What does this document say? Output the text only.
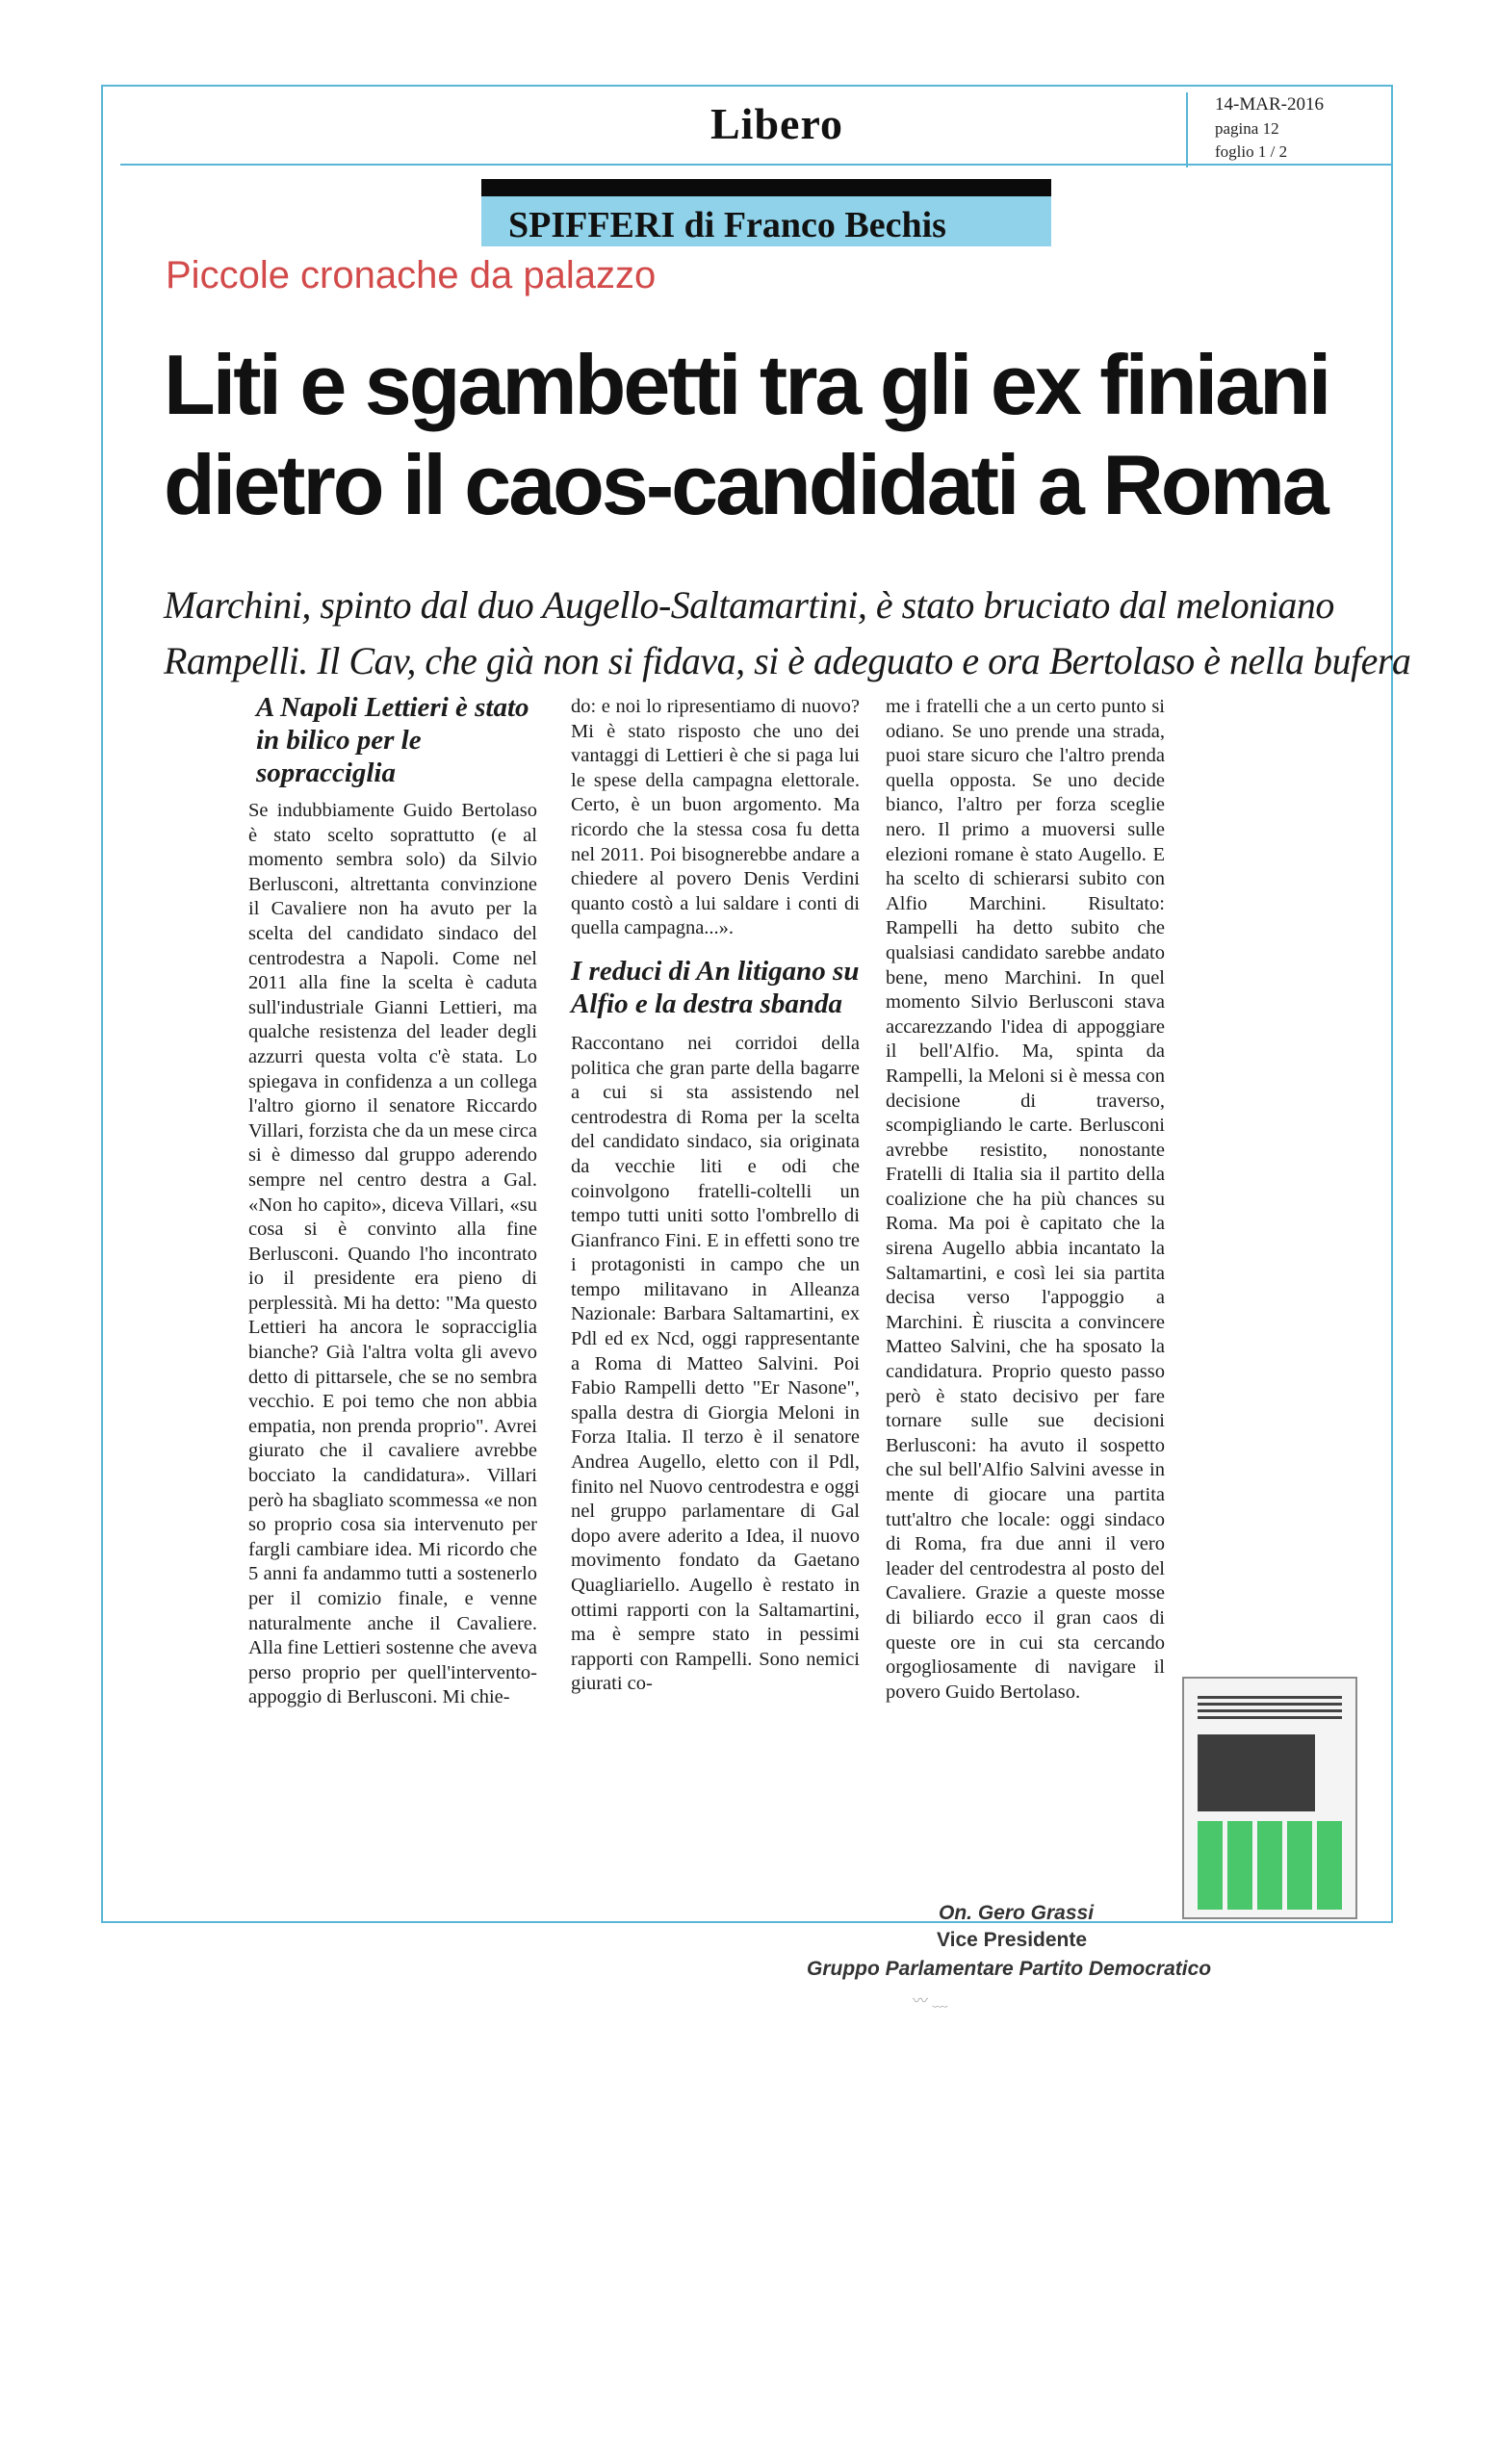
Libero	14-MAR-2016
pagina 12
foglio 1 / 2
SPIFFERI di Franco Bechis
Piccole cronache da palazzo
Liti e sgambetti tra gli ex finiani
dietro il caos-candidati a Roma
Marchini, spinto dal duo Augello-Saltamartini, è stato bruciato dal meloniano
Rampelli. Il Cav, che già non si fidava, si è adeguato e ora Bertolaso è nella bufera
A Napoli Lettieri è stato in bilico per le sopracciglia

Se indubbiamente Guido Bertolaso è stato scelto soprattutto (e al momento sembra solo) da Silvio Berlusconi, altrettanta convinzione il Cavaliere non ha avuto per la scelta del candidato sindaco del centrodestra a Napoli. Come nel 2011 alla fine la scelta è caduta sull'industriale Gianni Lettieri, ma qualche resistenza del leader degli azzurri questa volta c'è stata. Lo spiegava in confidenza a un collega l'altro giorno il senatore Riccardo Villari, forzista che da un mese circa si è dimesso dal gruppo aderendo sempre nel centro destra a Gal. «Non ho capito», diceva Villari, «su cosa si è convinto alla fine Berlusconi. Quando l'ho incontrato io il presidente era pieno di perplessità. Mi ha detto: "Ma questo Lettieri ha ancora le sopracciglia bianche? Già l'altra volta gli avevo detto di pittarsele, che se no sembra vecchio. E poi temo che non abbia empatia, non prenda proprio". Avrei giurato che il cavaliere avrebbe bocciato la candidatura». Villari però ha sbagliato scommessa «e non so proprio cosa sia intervenuto per fargli cambiare idea. Mi ricordo che 5 anni fa andammo tutti a sostenerlo per il comizio finale, e venne naturalmente anche il Cavaliere. Alla fine Lettieri sostenne che aveva perso proprio per quell'intervento-appoggio di Berlusconi. Mi chie-

do: e noi lo ripresentiamo di nuovo? Mi è stato risposto che uno dei vantaggi di Lettieri è che si paga lui le spese della campagna elettorale. Certo, è un buon argomento. Ma ricordo che la stessa cosa fu detta nel 2011. Poi bisognerebbe andare a chiedere al povero Denis Verdini quanto costò a lui saldare i conti di quella campagna...».

I reduci di An litigano su Alfio e la destra sbanda

Raccontano nei corridoi della politica che gran parte della bagarre a cui si sta assistendo nel centrodestra di Roma per la scelta del candidato sindaco, sia originata da vecchie liti e odi che coinvolgono fratelli-coltelli un tempo tutti uniti sotto l'ombrello di Gianfranco Fini. E in effetti sono tre i protagonisti in campo che un tempo militavano in Alleanza Nazionale: Barbara Saltamartini, ex Pdl ed ex Ncd, oggi rappresentante a Roma di Matteo Salvini. Poi Fabio Rampelli detto "Er Nasone", spalla destra di Giorgia Meloni in Forza Italia. Il terzo è il senatore Andrea Augello, eletto con il Pdl, finito nel Nuovo centrodestra e oggi nel gruppo parlamentare di Gal dopo avere aderito a Idea, il nuovo movimento fondato da Gaetano Quagliariello. Augello è restato in ottimi rapporti con la Saltamartini, ma è sempre stato in pessimi rapporti con Rampelli. Sono nemici giurati co-

me i fratelli che a un certo punto si odiano. Se uno prende una strada, puoi stare sicuro che l'altro prenda quella opposta. Se uno decide bianco, l'altro per forza sceglie nero. Il primo a muoversi sulle elezioni romane è stato Augello. E ha scelto di schierarsi subito con Alfio Marchini. Risultato: Rampelli ha detto subito che qualsiasi candidato sarebbe andato bene, meno Marchini. In quel momento Silvio Berlusconi stava accarezzando l'idea di appoggiare il bell'Alfio. Ma, spinta da Rampelli, la Meloni si è messa con decisione di traverso, scompigliando le carte. Berlusconi avrebbe resistito, nonostante Fratelli di Italia sia il partito della coalizione che ha più chances su Roma. Ma poi è capitato che la sirena Augello abbia incantato la Saltamartini, e così lei sia partita decisa verso l'appoggio a Marchini. È riuscita a convincere Matteo Salvini, che ha sposato la candidatura. Proprio questo passo però è stato decisivo per fare tornare sulle sue decisioni Berlusconi: ha avuto il sospetto che sul bell'Alfio Salvini avesse in mente di giocare una partita tutt'altro che locale: oggi sindaco di Roma, fra due anni il vero leader del centrodestra al posto del Cavaliere. Grazie a queste mosse di biliardo ecco il gran caos di queste ore in cui sta cercando orgogliosamente di navigare il povero Guido Bertolaso.

On. Gero Grassi
Vice Presidente
Gruppo Parlamentare Partito Democratico
〰 ﹏
